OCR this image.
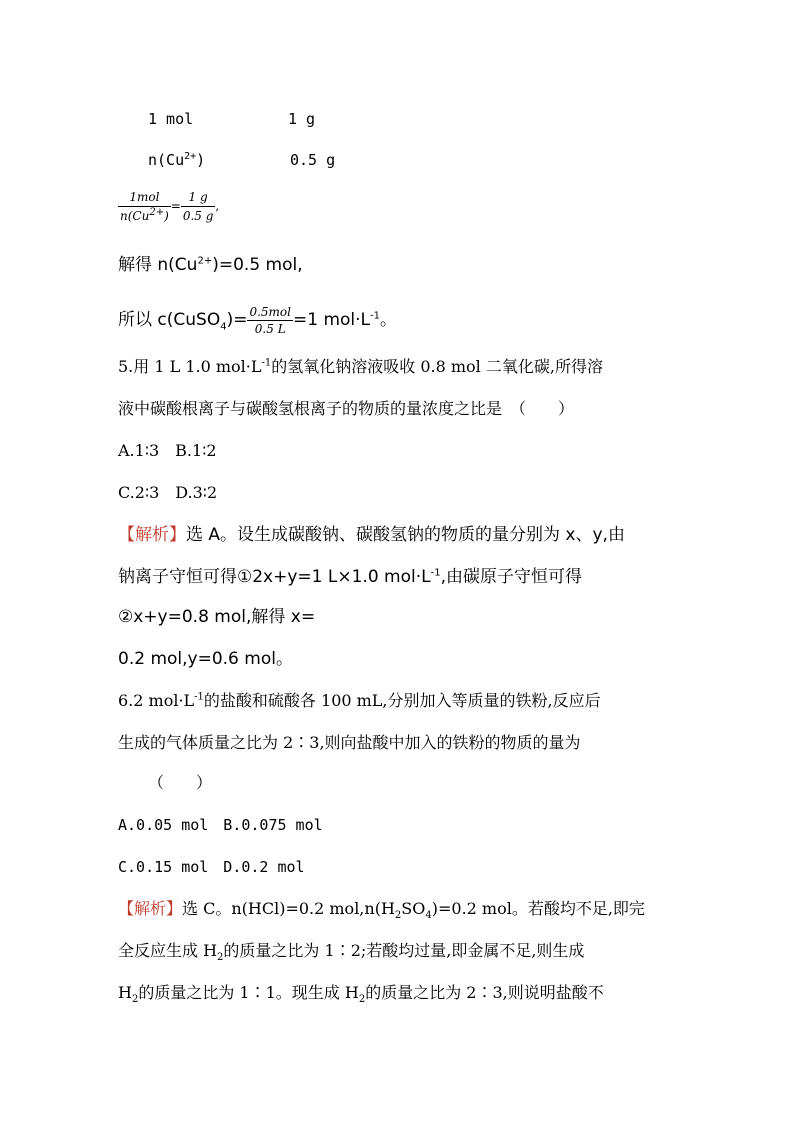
1 mol	1 g
$n(Cu^{2+})$	0.5 g
$\frac{\text{1mol}}{n(Cu^{2+})} = \frac{1 g}{0.5 g}$ ,
解得 $n(Cu^{2+})=0.5$ mol,
所以 c(CuSO$_4$)= $\frac{\text{0.5mol}}{0.5 L} =1$ $mol\cdot L^{-1}$。
5.用 1 L 1.0 $mol\cdot L^{-1}$的氢氧化钠溶液吸收 0.8 mol 二氧化碳,所得溶
液中碳酸根离子与碳酸氢根离子的物质的量浓度之比是　（　　）
A.1∶3　B.1∶2
C.2∶3　D.3∶2
【解析】选 A。设生成碳酸钠、碳酸氢钠的物质的量分别为 x、y,由
钠离子守恒可得①2x+y=1 L×1.0 $mol\cdot L^{-1}$,由碳原子守恒可得
②x+y=0.8 mol,解得 x=
0.2 mol,y=0.6 mol。
6.2 $mol\cdot L^{-1}$的盐酸和硫酸各 100 mL,分别加入等质量的铁粉,反应后
生成的气体质量之比为 2∶3,则向盐酸中加入的铁粉的物质的量为
（　　）
A.0.05 mol　B.0.075 mol
C.0.15 mol　D.0.2 mol
【解析】选 C。n(HCl)=0.2 $mol,n(H_2SO_4)=0.2$ mol。若酸均不足,即完
全反应生成 $H_2$的质量之比为 1∶2;若酸均过量,即金属不足,则生成
$H_2$的质量之比为 1∶1。现生成 $H_2$的质量之比为 2∶3,则说明盐酸不
